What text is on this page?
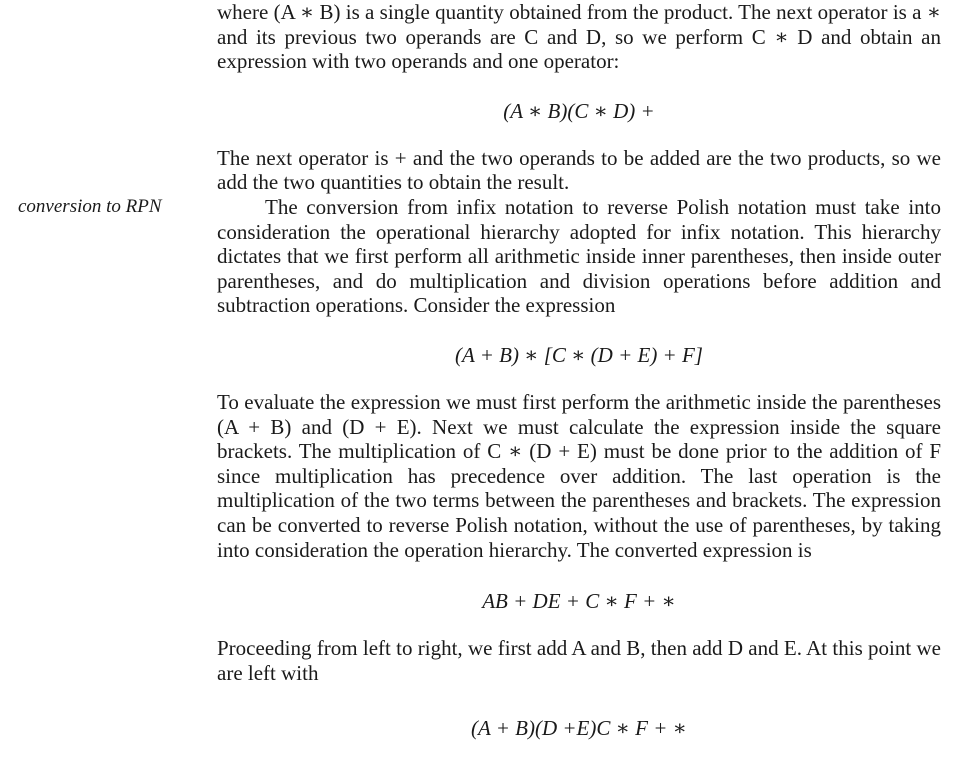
conversion to RPN

where (A ∗ B) is a single quantity obtained from the product. The next operator is a ∗ and its previous two operands are C and D, so we perform C ∗ D and obtain an expression with two operands and one operator:

(A ∗ B)(C ∗ D) +

The next operator is + and the two operands to be added are the two products, so we add the two quantities to obtain the result.

The conversion from infix notation to reverse Polish notation must take into consideration the operational hierarchy adopted for infix notation. This hierarchy dictates that we first perform all arithmetic inside inner parentheses, then inside outer parentheses, and do multiplication and division operations before addition and subtraction operations. Consider the expression

(A + B) ∗ [C ∗ (D + E) + F]

To evaluate the expression we must first perform the arithmetic inside the parentheses (A + B) and (D + E). Next we must calculate the expression inside the square brackets. The multiplication of C ∗ (D + E) must be done prior to the addition of F since multiplication has precedence over addition. The last operation is the multiplication of the two terms between the parentheses and brackets. The expression can be converted to reverse Polish notation, without the use of parentheses, by taking into consideration the operation hierarchy. The converted expression is

AB + DE + C ∗ F + ∗

Proceeding from left to right, we first add A and B, then add D and E. At this point we are left with

(A + B)(D +E)C ∗ F + ∗
